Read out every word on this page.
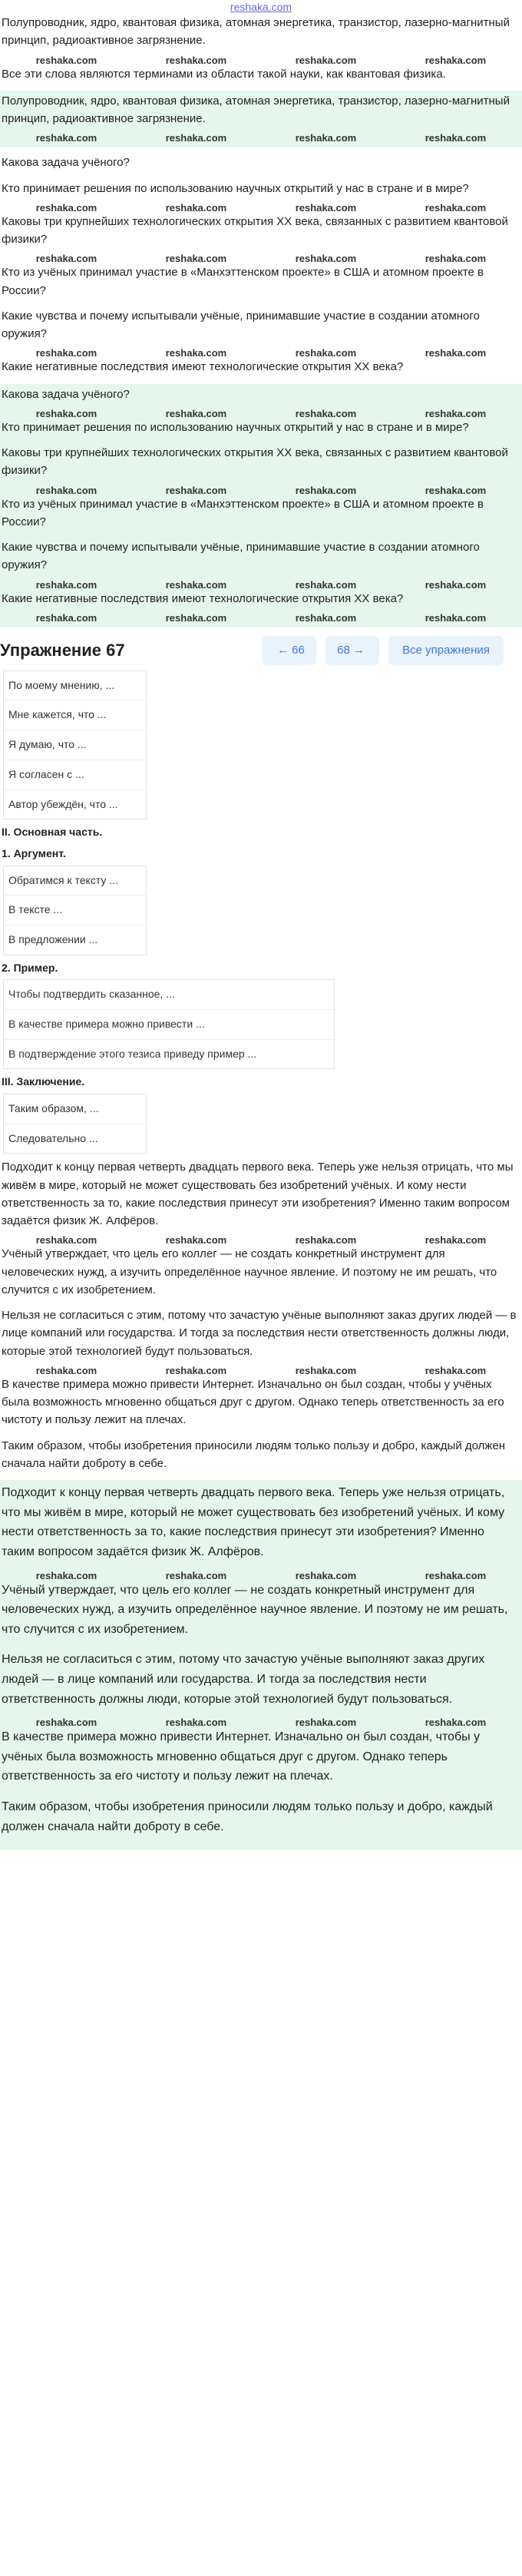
reshaka.com

Полупроводник, ядро, квантовая физика, атомная энергетика, транзистор, лазерно-магнитный принцип, радиоактивное загрязнение.

reshaka.com	reshaka.com	reshaka.com	reshaka.com

Все эти слова являются терминами из области такой науки, как квантовая физика.

Полупроводник, ядро, квантовая физика, атомная энергетика, транзистор, лазерно-магнитный принцип, радиоактивное загрязнение.

reshaka.com	reshaka.com	reshaka.com	reshaka.com

Какова задача учёного?

Кто принимает решения по использованию научных открытий у нас в стране и в мире?

reshaka.com	reshaka.com	reshaka.com	reshaka.com

Каковы три крупнейших технологических открытия XX века, связанных с развитием квантовой физики?

reshaka.com	reshaka.com	reshaka.com	reshaka.com

Кто из учёных принимал участие в «Манхэттенском проекте» в США и атомном проекте в России?

Какие чувства и почему испытывали учёные, принимавшие участие в создании атомного оружия?

reshaka.com	reshaka.com	reshaka.com	reshaka.com

Какие негативные последствия имеют технологические открытия XX века?

Какова задача учёного?

reshaka.com	reshaka.com	reshaka.com	reshaka.com

Кто принимает решения по использованию научных открытий у нас в стране и в мире?

Каковы три крупнейших технологических открытия XX века, связанных с развитием квантовой физики?

reshaka.com	reshaka.com	reshaka.com	reshaka.com

Кто из учёных принимал участие в «Манхэттенском проекте» в США и атомном проекте в России?

Какие чувства и почему испытывали учёные, принимавшие участие в создании атомного оружия?

reshaka.com	reshaka.com	reshaka.com	reshaka.com

Какие негативные последствия имеют технологические открытия XX века?

reshaka.com	reshaka.com	reshaka.com	reshaka.com
Упражнение 67	← 66	68 →	Все упражнения
По моему мнению, ...
Мне кажется, что ...
Я думаю, что ...
Я согласен с ...
Автор убеждён, что ...
II. Основная часть.
1. Аргумент.
Обратимся к тексту ...
В тексте ...
В предложении ...
2. Пример.
Чтобы подтвердить сказанное, ...
В качестве примера можно привести ...
В подтверждение этого тезиса приведу пример ...
III. Заключение.
Таким образом, ...
Следовательно ...

Подходит к концу первая четверть двадцать первого века. Теперь уже нельзя отрицать, что мы живём в мире, который не может существовать без изобретений учёных. И кому нести ответственность за то, какие последствия принесут эти изобретения? Именно таким вопросом задаётся физик Ж. Алфёров.

reshaka.com	reshaka.com	reshaka.com	reshaka.com

Учёный утверждает, что цель его коллег — не создать конкретный инструмент для человеческих нужд, а изучить определённое научное явление. И поэтому не им решать, что случится с их изобретением.

Нельзя не согласиться с этим, потому что зачастую учёные выполняют заказ других людей — в лице компаний или государства. И тогда за последствия нести ответственность должны люди, которые этой технологией будут пользоваться.

reshaka.com	reshaka.com	reshaka.com	reshaka.com

В качестве примера можно привести Интернет. Изначально он был создан, чтобы у учёных была возможность мгновенно общаться друг с другом. Однако теперь ответственность за его чистоту и пользу лежит на плечах.

Таким образом, чтобы изобретения приносили людям только пользу и добро, каждый должен сначала найти доброту в себе.

Подходит к концу первая четверть двадцать первого века. Теперь уже нельзя отрицать, что мы живём в мире, который не может существовать без изобретений учёных. И кому нести ответственность за то, какие последствия принесут эти изобретения? Именно таким вопросом задаётся физик Ж. Алфёров.

reshaka.com	reshaka.com	reshaka.com	reshaka.com

Учёный утверждает, что цель его коллег — не создать конкретный инструмент для человеческих нужд, а изучить определённое научное явление. И поэтому не им решать, что случится с их изобретением.

Нельзя не согласиться с этим, потому что зачастую учёные выполняют заказ других людей — в лице компаний или государства. И тогда за последствия нести ответственность должны люди, которые этой технологией будут пользоваться.

reshaka.com	reshaka.com	reshaka.com	reshaka.com

В качестве примера можно привести Интернет. Изначально он был создан, чтобы у учёных была возможность мгновенно общаться друг с другом. Однако теперь ответственность за его чистоту и пользу лежит на плечах.

Таким образом, чтобы изобретения приносили людям только пользу и добро, каждый должен сначала найти доброту в себе.
